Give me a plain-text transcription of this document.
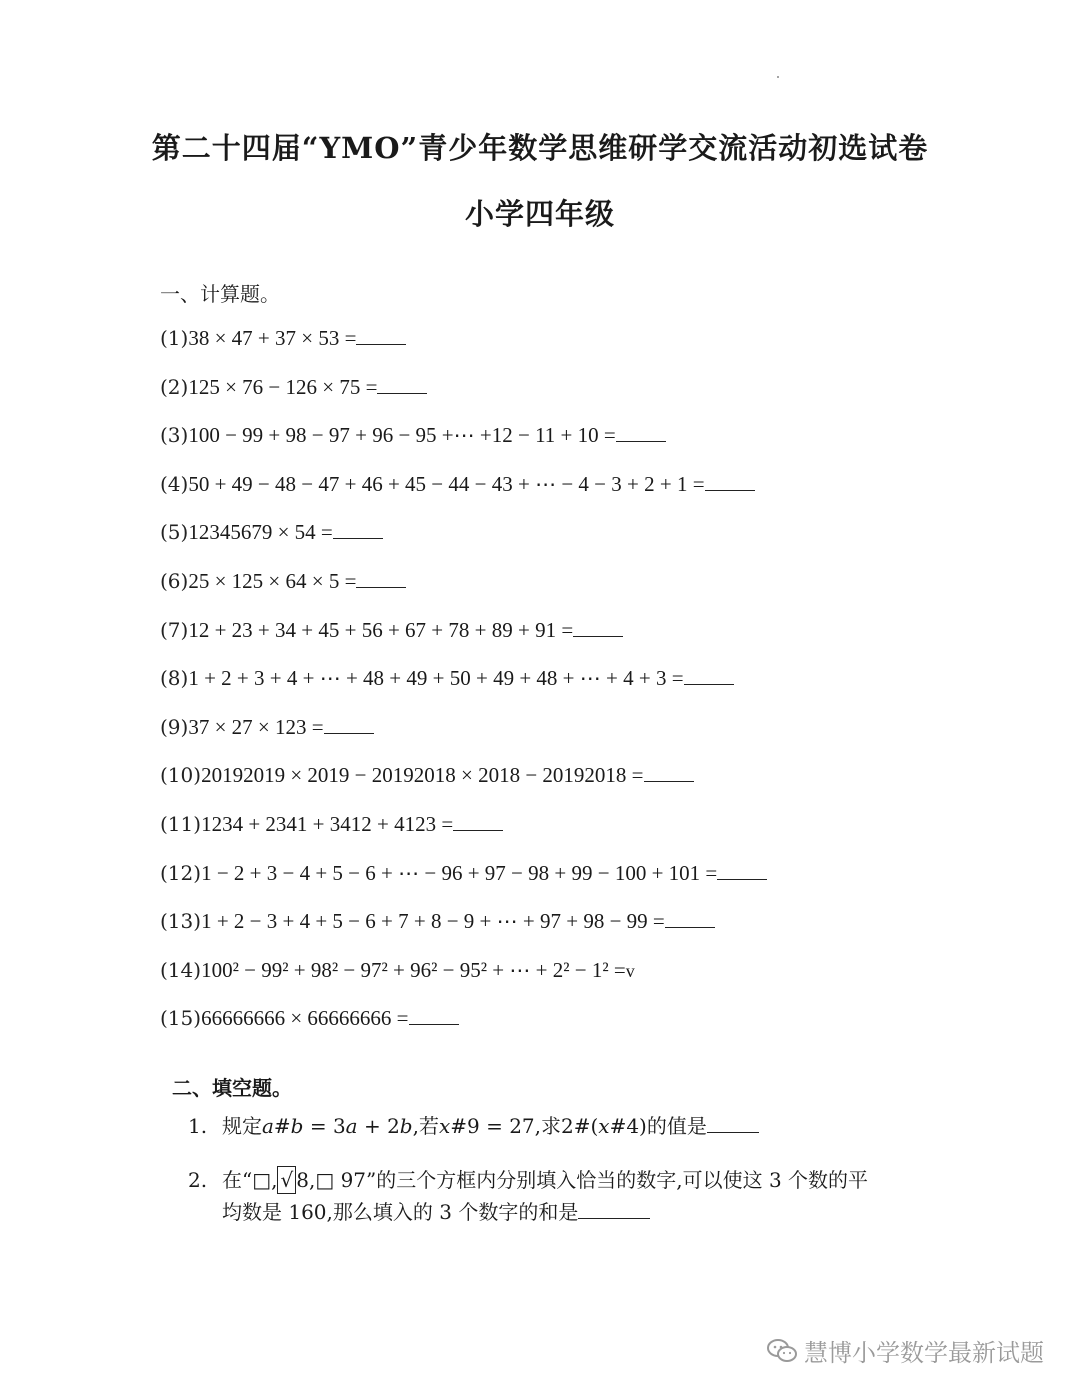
第二十四届“YMO”青少年数学思维研学交流活动初选试卷
小学四年级
一、计算题。
(1)38 × 47 + 37 × 53 =
(2)125 × 76 − 126 × 75 =
(3)100 − 99 + 98 − 97 + 96 − 95 +⋯ +12 − 11 + 10 =
(4)50 + 49 − 48 − 47 + 46 + 45 − 44 − 43 + ⋯ − 4 − 3 + 2 + 1 =
(5)12345679 × 54 =
(6)25 × 125 × 64 × 5 =
(7)12 + 23 + 34 + 45 + 56 + 67 + 78 + 89 + 91 =
(8)1 + 2 + 3 + 4 + ⋯ + 48 + 49 + 50 + 49 + 48 + ⋯ + 4 + 3 =
(9)37 × 27 × 123 =
(10)20192019 × 2019 − 20192018 × 2018 − 20192018 =
(11)1234 + 2341 + 3412 + 4123 =
(12)1 − 2 + 3 − 4 + 5 − 6 + ⋯ − 96 + 97 − 98 + 99 − 100 + 101 =
(13)1 + 2 − 3 + 4 + 5 − 6 + 7 + 8 − 9 + ⋯ + 97 + 98 − 99 =
(14)100² − 99² + 98² − 97² + 96² − 95² + ⋯ + 2² − 1² =v
(15)66666666 × 66666666 =
二、填空题。
1. 规定𝑎#𝑏 = 3𝑎 + 2𝑏,若𝑥#9 = 27,求2#(𝑥#4)的值是
2. 在“□, √ 8,□ 97”的三个方框内分别填入恰当的数字,可以使这 3 个数的平
均数是 160,那么填入的 3 个数字的和是
慧博小学数学最新试题
